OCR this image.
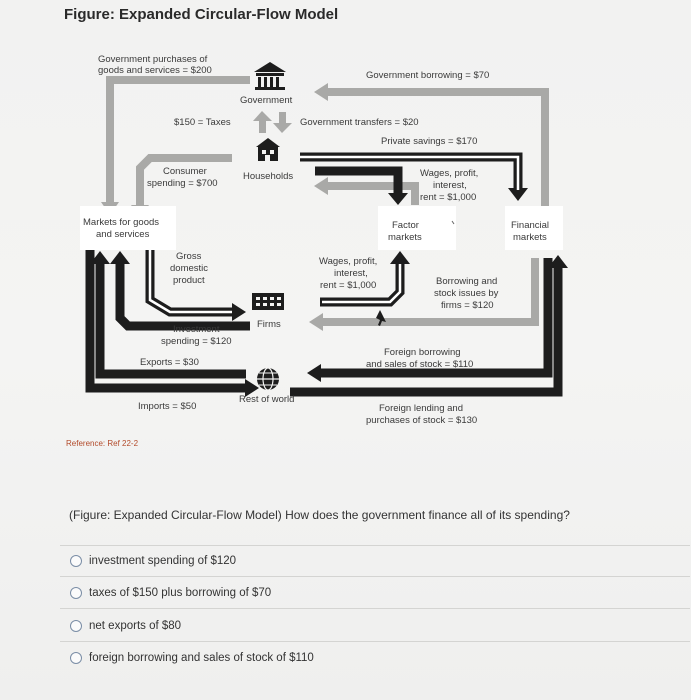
Figure: Expanded Circular-Flow Model
Government purchases of
goods and services = $200	Government borrowing = $70
Government
$150 = Taxes	Government transfers = $20
Private savings = $170
Consumer
spending = $700
Households	Wages, profit,
interest,
rent = $1,000
Markets for goods
and services
Factor
markets
Financial
markets
Gross
domestic
product
Wages, profit,
interest,
rent = $1,000	Borrowing and
stock issues by
firms = $120
Firms
Investment
spending = $120
Foreign borrowing
and sales of stock = $110
Exports = $30
Rest of world
Imports = $50	Foreign lending and
purchases of stock = $130
Reference: Ref 22-2
(Figure: Expanded Circular-Flow Model) How does the government finance all of its spending?
investment spending of $120
taxes of $150 plus borrowing of $70
net exports of $80
foreign borrowing and sales of stock of $110
